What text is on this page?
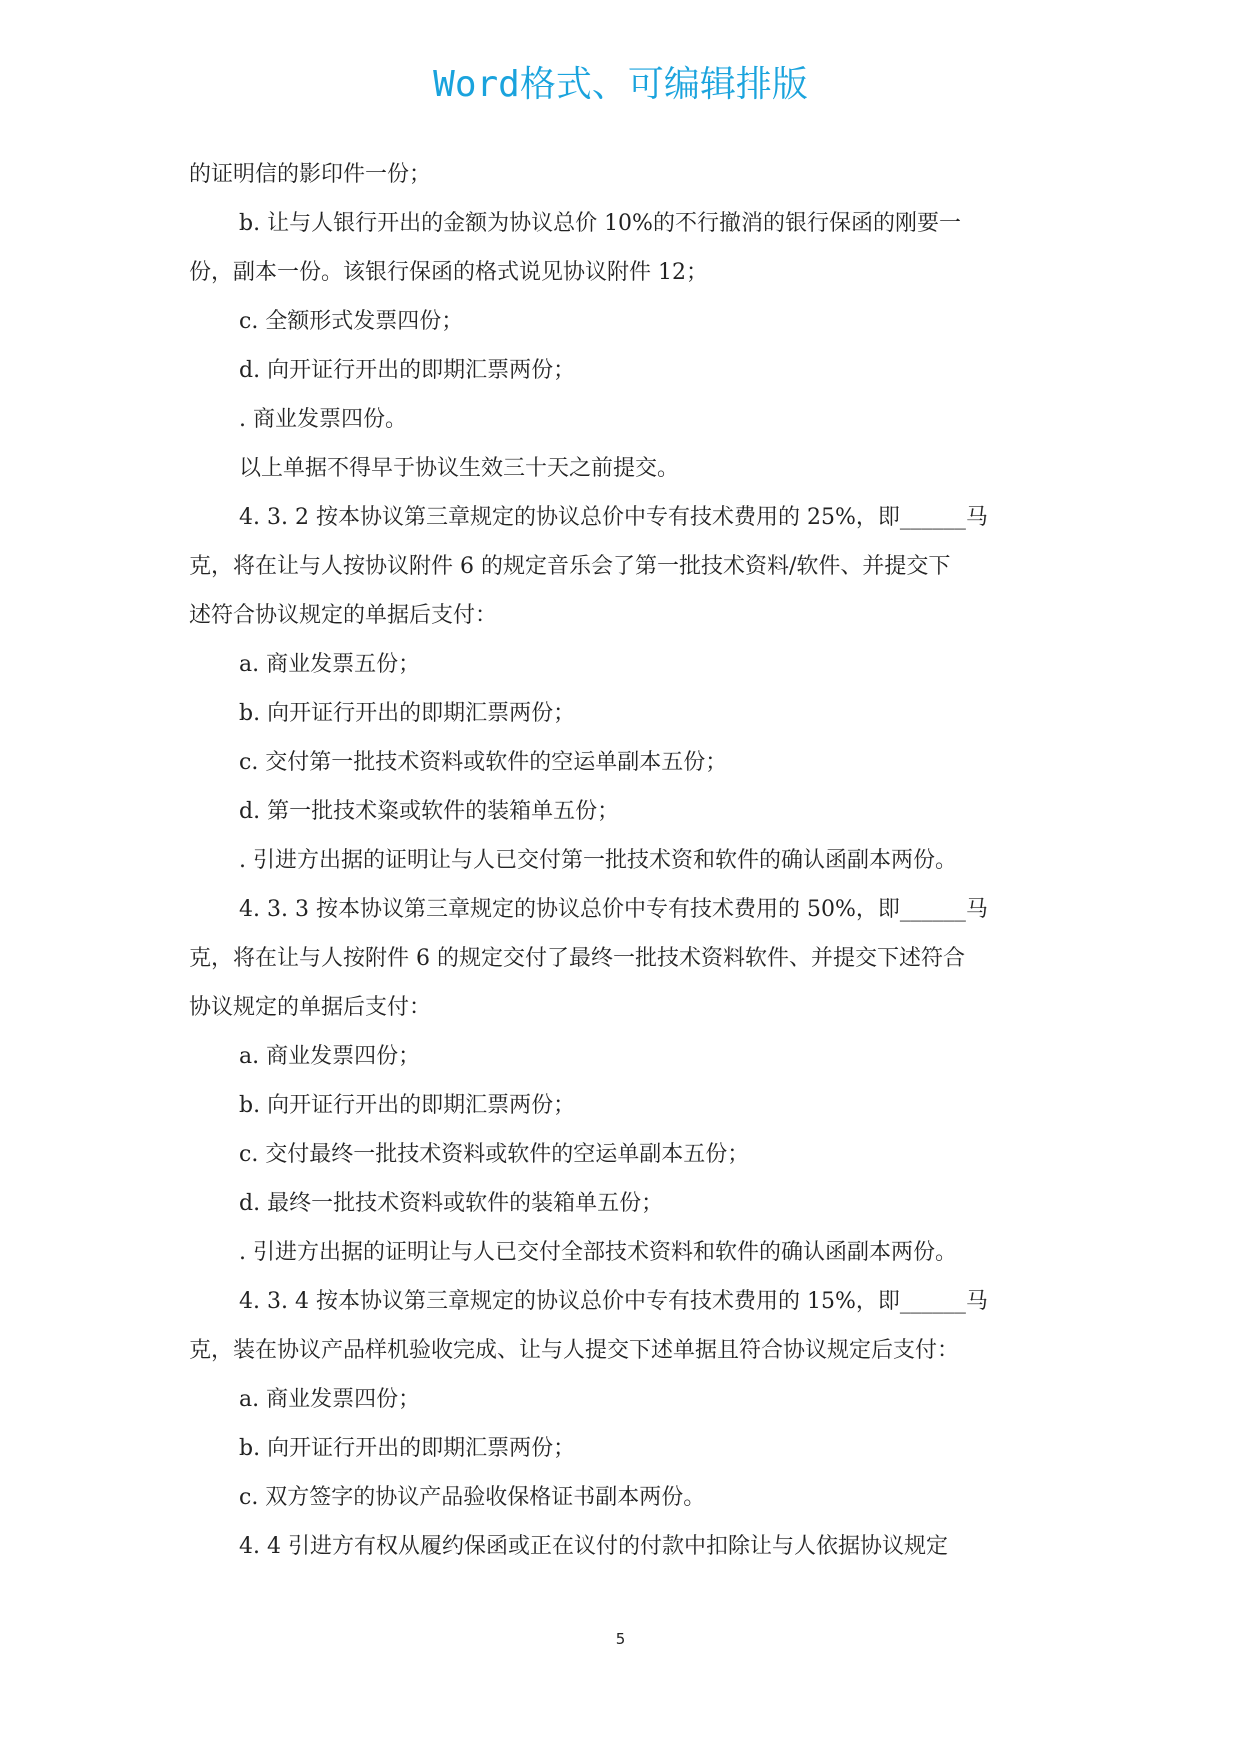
Word格式、可编辑排版
的证明信的影印件一份；
b. 让与人银行开出的金额为协议总价 10%的不行撤消的银行保函的刚要一
份，副本一份。该银行保函的格式说见协议附件 12；
c. 全额形式发票四份；
d. 向开证行开出的即期汇票两份；
. 商业发票四份。
以上单据不得早于协议生效三十天之前提交。
4. 3. 2 按本协议第三章规定的协议总价中专有技术费用的 25%，即______马
克，将在让与人按协议附件 6 的规定音乐会了第一批技术资料/软件、并提交下
述符合协议规定的单据后支付：
a. 商业发票五份；
b. 向开证行开出的即期汇票两份；
c. 交付第一批技术资料或软件的空运单副本五份；
d. 第一批技术粢或软件的装箱单五份；
. 引进方出据的证明让与人已交付第一批技术资和软件的确认函副本两份。
4. 3. 3 按本协议第三章规定的协议总价中专有技术费用的 50%，即______马
克，将在让与人按附件 6 的规定交付了最终一批技术资料软件、并提交下述符合
协议规定的单据后支付：
a. 商业发票四份；
b. 向开证行开出的即期汇票两份；
c. 交付最终一批技术资料或软件的空运单副本五份；
d. 最终一批技术资料或软件的装箱单五份；
. 引进方出据的证明让与人已交付全部技术资料和软件的确认函副本两份。
4. 3. 4 按本协议第三章规定的协议总价中专有技术费用的 15%，即______马
克，装在协议产品样机验收完成、让与人提交下述单据且符合协议规定后支付：
a. 商业发票四份；
b. 向开证行开出的即期汇票两份；
c. 双方签字的协议产品验收保格证书副本两份。
4. 4 引进方有权从履约保函或正在议付的付款中扣除让与人依据协议规定
5
